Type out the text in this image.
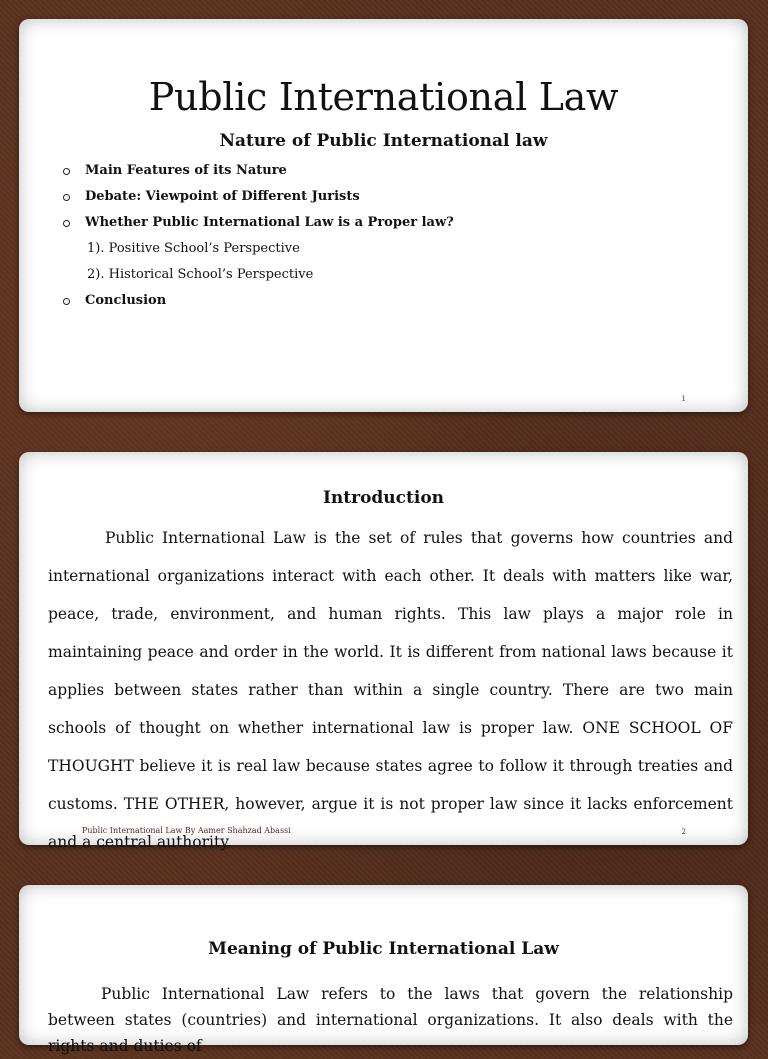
Public International Law
Nature of Public International law
Main Features of its Nature
Debate: Viewpoint of Different Jurists
Whether Public International Law is a Proper law?
1). Positive School’s Perspective
2). Historical School’s Perspective
Conclusion
1
Introduction

Public International Law is the set of rules that governs how countries and international organizations interact with each other. It deals with matters like war, peace, trade, environment, and human rights. This law plays a major role in maintaining peace and order in the world. It is different from national laws because it applies between states rather than within a single country. There are two main schools of thought on whether international law is proper law. ONE SCHOOL OF THOUGHT believe it is real law because states agree to follow it through treaties and customs. THE OTHER, however, argue it is not proper law since it lacks enforcement and a central authority.

Public International Law By Aamer Shahzad Abassi	2
Meaning of Public International Law

Public International Law refers to the laws that govern the relationship between states (countries) and international organizations. It also deals with the rights and duties of
